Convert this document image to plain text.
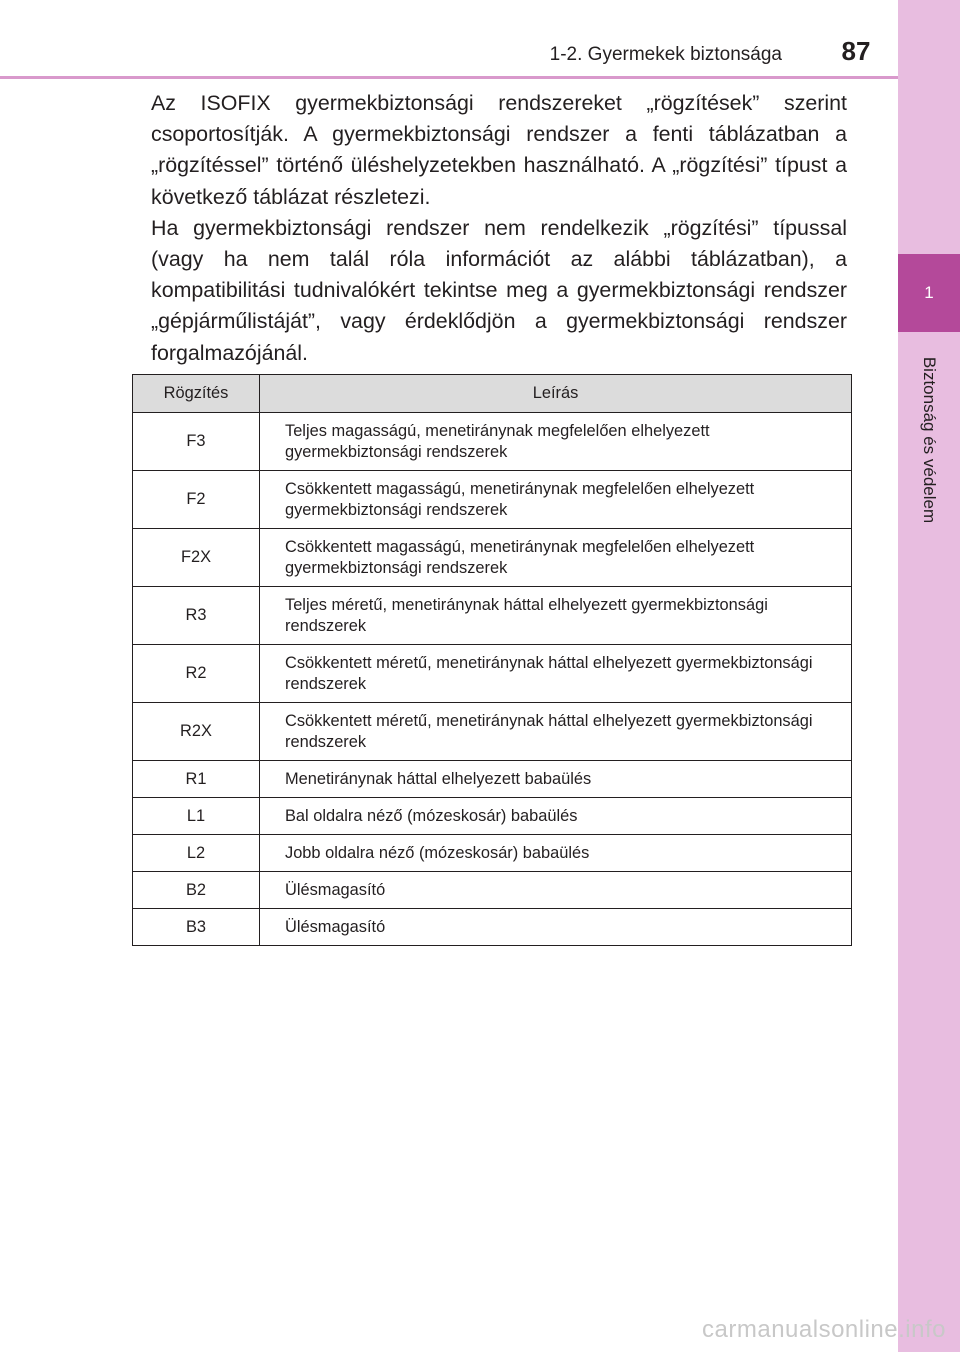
1-2. Gyermekek biztonsága	87
1
Biztonság és védelem

Az ISOFIX gyermekbiztonsági rendszereket „rögzítések” szerint csoportosítják. A gyermekbiztonsági rendszer a fenti táblázatban a „rögzítéssel” történő üléshelyzetekben használható. A „rögzítési” típust a következő táblázat részletezi.

Ha gyermekbiztonsági rendszer nem rendelkezik „rögzítési” típussal (vagy ha nem talál róla információt az alábbi táblázatban), a kompatibilitási tudnivalókért tekintse meg a gyermekbiztonsági rendszer „gépjárműlistáját”, vagy érdeklődjön a gyermekbiztonsági rendszer forgalmazójánál.

Rögzítés	Leírás
F3	Teljes magasságú, menetiránynak megfelelően elhelyezett gyermekbiztonsági rendszerek
F2	Csökkentett magasságú, menetiránynak megfelelően elhelyezett gyermekbiztonsági rendszerek
F2X	Csökkentett magasságú, menetiránynak megfelelően elhelyezett gyermekbiztonsági rendszerek
R3	Teljes méretű, menetiránynak háttal elhelyezett gyermekbiztonsági rendszerek
R2	Csökkentett méretű, menetiránynak háttal elhelyezett gyermekbiztonsági rendszerek
R2X	Csökkentett méretű, menetiránynak háttal elhelyezett gyermekbiztonsági rendszerek
R1	Menetiránynak háttal elhelyezett babaülés
L1	Bal oldalra néző (mózeskosár) babaülés
L2	Jobb oldalra néző (mózeskosár) babaülés
B2	Ülésmagasító
B3	Ülésmagasító
carmanualsonline.info
